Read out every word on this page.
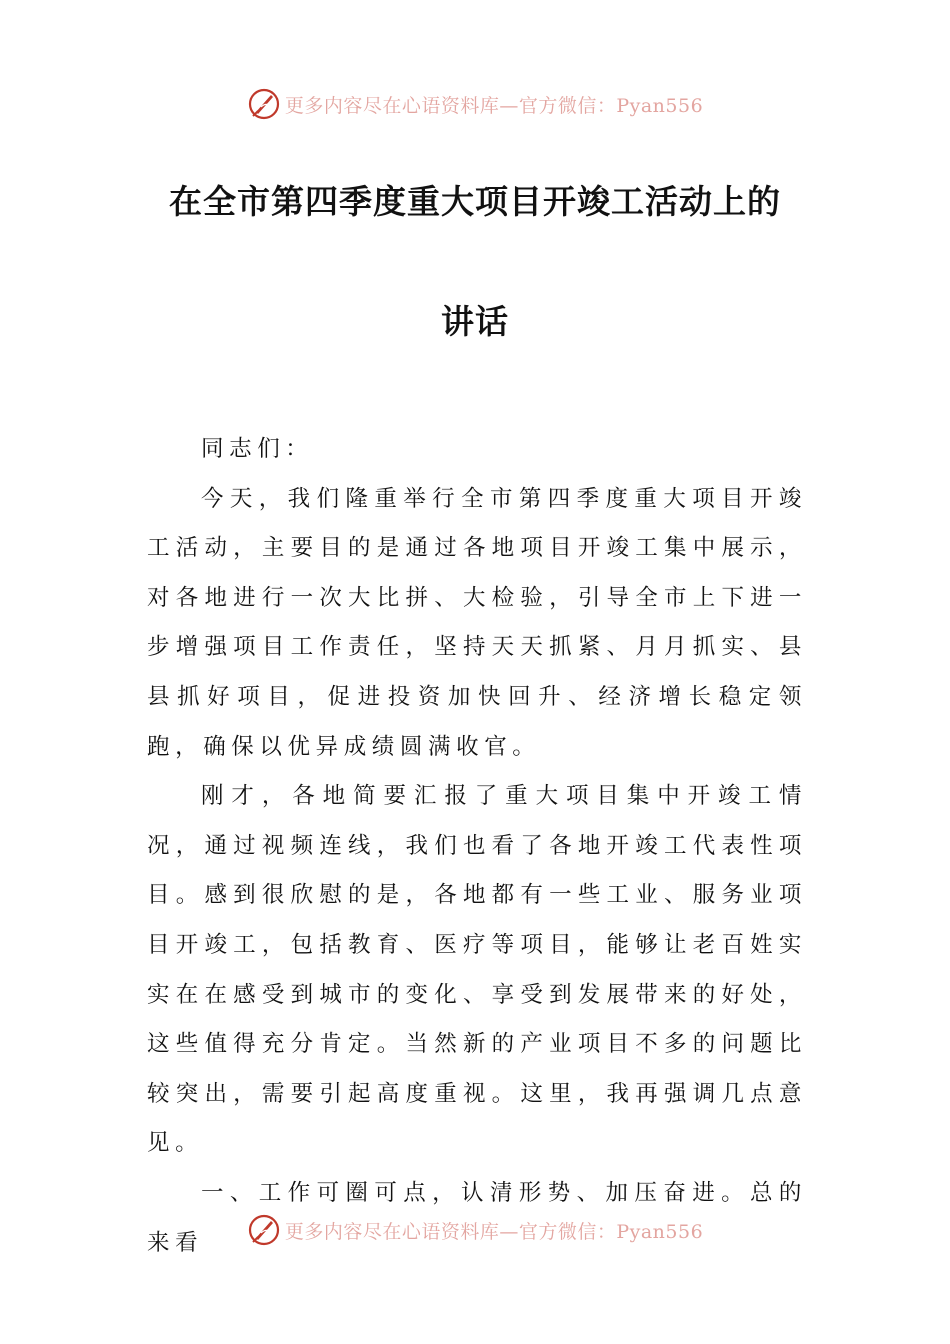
更多内容尽在心语资料库—官方微信：Pyan556
在全市第四季度重大项目开竣工活动上的
讲话

同志们：

今天，我们隆重举行全市第四季度重大项目开竣工活动，主要目的是通过各地项目开竣工集中展示，对各地进行一次大比拼、大检验，引导全市上下进一步增强项目工作责任，坚持天天抓紧、月月抓实、县县抓好项目，促进投资加快回升、经济增长稳定领跑，确保以优异成绩圆满收官。

刚才，各地简要汇报了重大项目集中开竣工情况，通过视频连线，我们也看了各地开竣工代表性项目。感到很欣慰的是，各地都有一些工业、服务业项目开竣工，包括教育、医疗等项目，能够让老百姓实实在在感受到城市的变化、享受到发展带来的好处，这些值得充分肯定。当然新的产业项目不多的问题比较突出，需要引起高度重视。这里，我再强调几点意见。

一、工作可圈可点，认清形势、加压奋进。总的来看	更多内容尽在心语资料库—官方微信：Pyan556
